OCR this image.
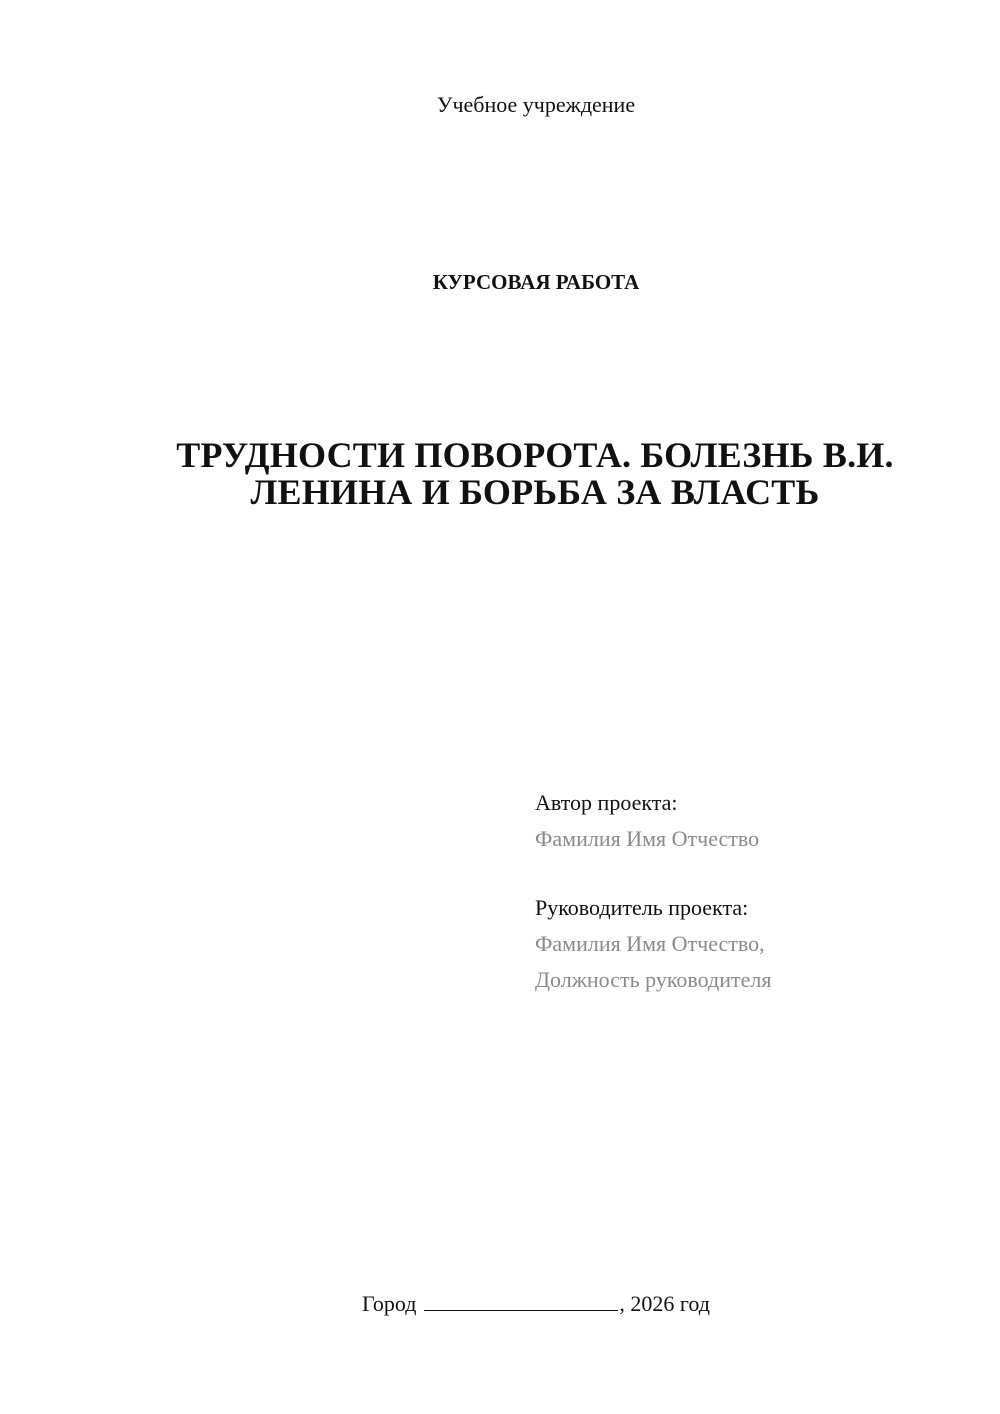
Учебное учреждение
КУРСОВАЯ РАБОТА
ТРУДНОСТИ ПОВОРОТА. БОЛЕЗНЬ В.И.
ЛЕНИНА И БОРЬБА ЗА ВЛАСТЬ
Автор проекта:
Фамилия Имя Отчество
Руководитель проекта:
Фамилия Имя Отчество,
Должность руководителя
Город	, 2026 год
